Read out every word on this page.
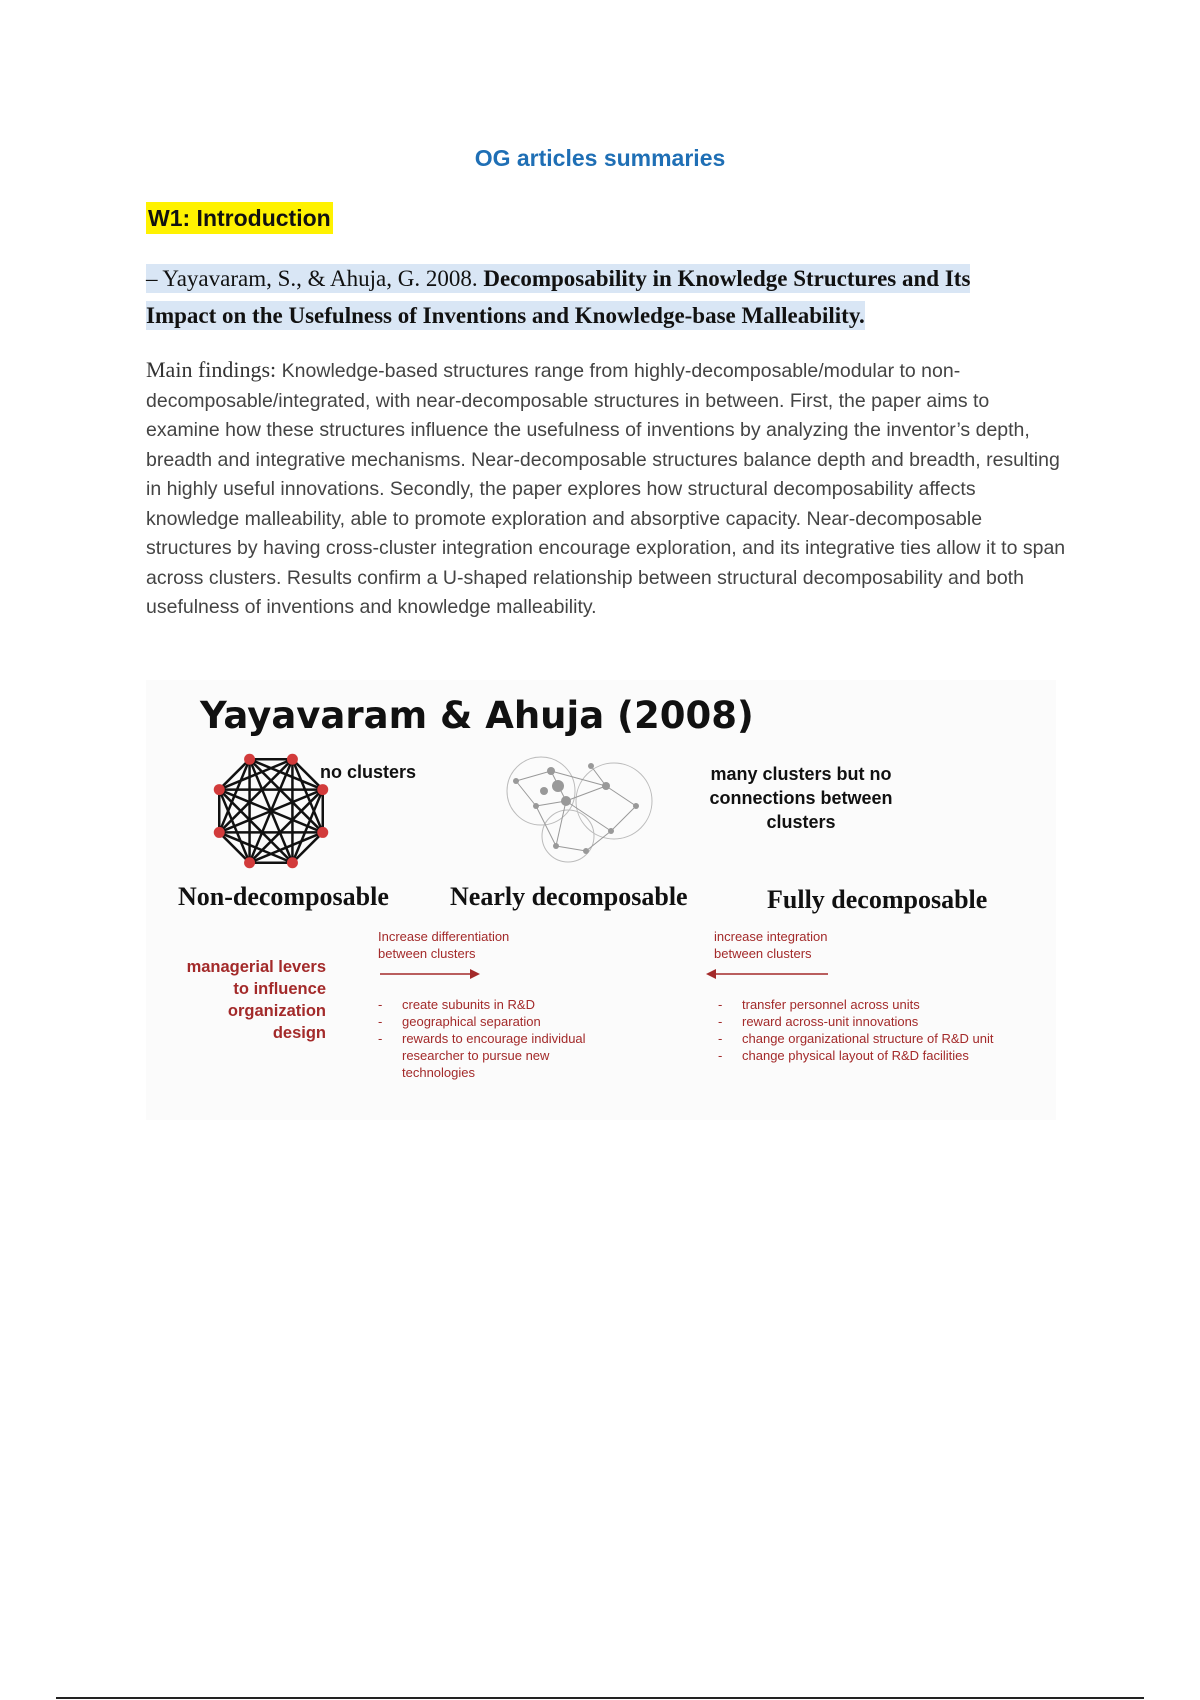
OG articles summaries
W1: Introduction
– Yayavaram, S., & Ahuja, G. 2008. Decomposability in Knowledge Structures and Its Impact on the Usefulness of Inventions and Knowledge-base Malleability.
Main findings: Knowledge-based structures range from highly-decomposable/modular to non-decomposable/integrated, with near-decomposable structures in between. First, the paper aims to examine how these structures influence the usefulness of inventions by analyzing the inventor’s depth, breadth and integrative mechanisms. Near-decomposable structures balance depth and breadth, resulting in highly useful innovations. Secondly, the paper explores how structural decomposability affects knowledge malleability, able to promote exploration and absorptive capacity. Near-decomposable structures by having cross-cluster integration encourage exploration, and its integrative ties allow it to span across clusters. Results confirm a U-shaped relationship between structural decomposability and both usefulness of inventions and knowledge malleability.
Yayavaram & Ahuja (2008)
no clusters	many clusters but no
connections between
clusters
Non-decomposable Nearly decomposable	Fully decomposable
managerial levers
to influence
organization
design
Increase differentiation
between clusters
increase integration
between clusters
- create subunits in R&D
- geographical separation
- rewards to encourage individual researcher to pursue new technologies
- transfer personnel across units
- reward across-unit innovations
- change organizational structure of R&D unit
- change physical layout of R&D facilities
